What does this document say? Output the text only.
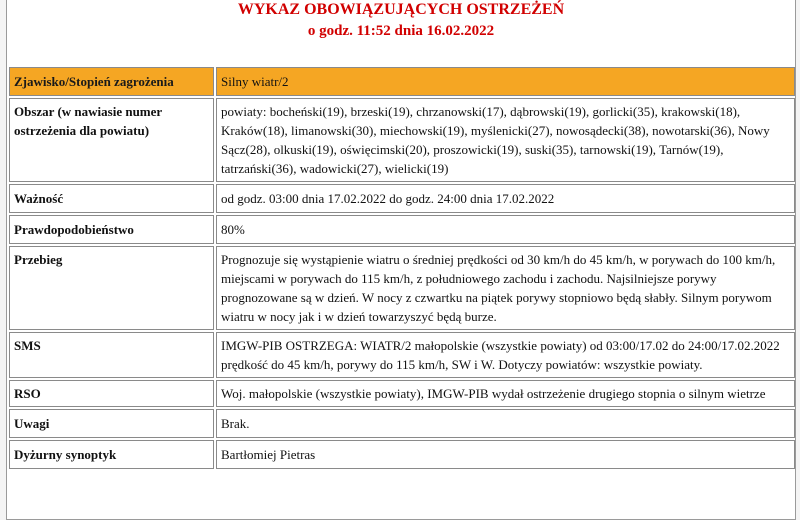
WYKAZ OBOWIĄZUJĄCYCH OSTRZEŻEŃ
o godz. 11:52 dnia 16.02.2022
Zjawisko/Stopień zagrożenia	Silny wiatr/2
Obszar (w nawiasie numer ostrzeżenia dla powiatu)	powiaty: bocheński(19), brzeski(19), chrzanowski(17), dąbrowski(19), gorlicki(35), krakowski(18), Kraków(18), limanowski(30), miechowski(19), myślenicki(27), nowosądecki(38), nowotarski(36), Nowy Sącz(28), olkuski(19), oświęcimski(20), proszowicki(19), suski(35), tarnowski(19), Tarnów(19), tatrzański(36), wadowicki(27), wielicki(19)
Ważność	od godz. 03:00 dnia 17.02.2022 do godz. 24:00 dnia 17.02.2022
Prawdopodobieństwo	80%
Przebieg	Prognozuje się wystąpienie wiatru o średniej prędkości od 30 km/h do 45 km/h, w porywach do 100 km/h, miejscami w porywach do 115 km/h, z południowego zachodu i zachodu. Najsilniejsze porywy prognozowane są w dzień. W nocy z czwartku na piątek porywy stopniowo będą słabły. Silnym porywom wiatru w nocy jak i w dzień towarzyszyć będą burze.
SMS	IMGW-PIB OSTRZEGA: WIATR/2 małopolskie (wszystkie powiaty) od 03:00/17.02 do 24:00/17.02.2022 prędkość do 45 km/h, porywy do 115 km/h, SW i W. Dotyczy powiatów: wszystkie powiaty.
RSO	Woj. małopolskie (wszystkie powiaty), IMGW-PIB wydał ostrzeżenie drugiego stopnia o silnym wietrze
Uwagi	Brak.
Dyżurny synoptyk	Bartłomiej Pietras
